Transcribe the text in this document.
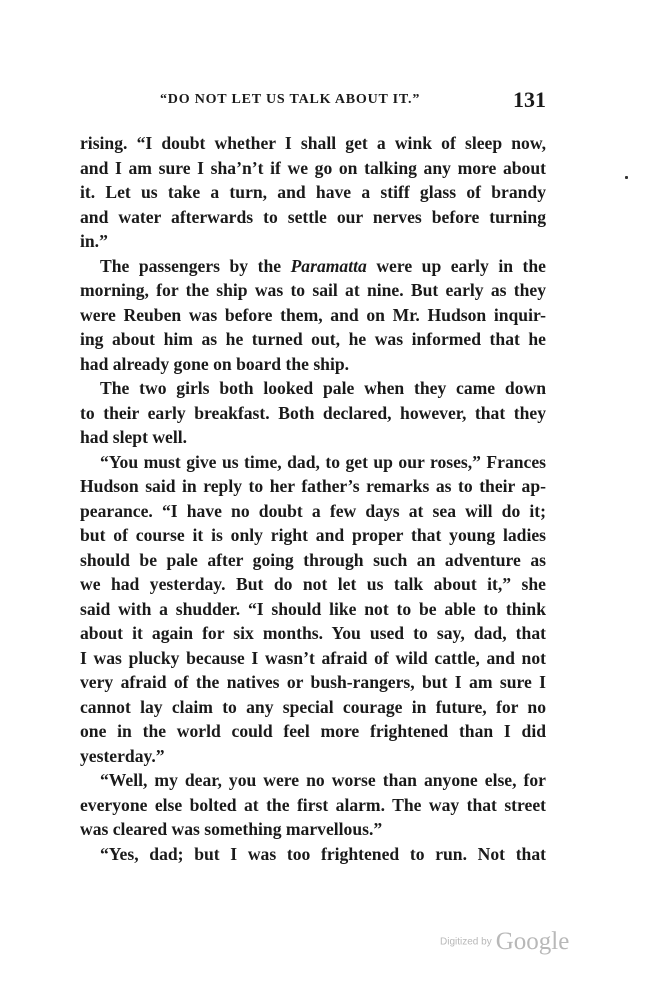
“DO NOT LET US TALK ABOUT IT.”	131
rising. “I doubt whether I shall get a wink of sleep now,
and I am sure I sha’n’t if we go on talking any more about
it. Let us take a turn, and have a stiff glass of brandy
and water afterwards to settle our nerves before turning
in.”
The passengers by the Paramatta were up early in the
morning, for the ship was to sail at nine. But early as they
were Reuben was before them, and on Mr. Hudson inquir-
ing about him as he turned out, he was informed that he
had already gone on board the ship.
The two girls both looked pale when they came down
to their early breakfast. Both declared, however, that they
had slept well.
“You must give us time, dad, to get up our roses,” Frances
Hudson said in reply to her father’s remarks as to their ap-
pearance. “I have no doubt a few days at sea will do it;
but of course it is only right and proper that young ladies
should be pale after going through such an adventure as
we had yesterday. But do not let us talk about it,” she
said with a shudder. “I should like not to be able to think
about it again for six months. You used to say, dad, that
I was plucky because I wasn’t afraid of wild cattle, and not
very afraid of the natives or bush-rangers, but I am sure I
cannot lay claim to any special courage in future, for no
one in the world could feel more frightened than I did
yesterday.”
“Well, my dear, you were no worse than anyone else, for
everyone else bolted at the first alarm. The way that street
was cleared was something marvellous.”
“Yes, dad; but I was too frightened to run. Not that
Digitized by Google
